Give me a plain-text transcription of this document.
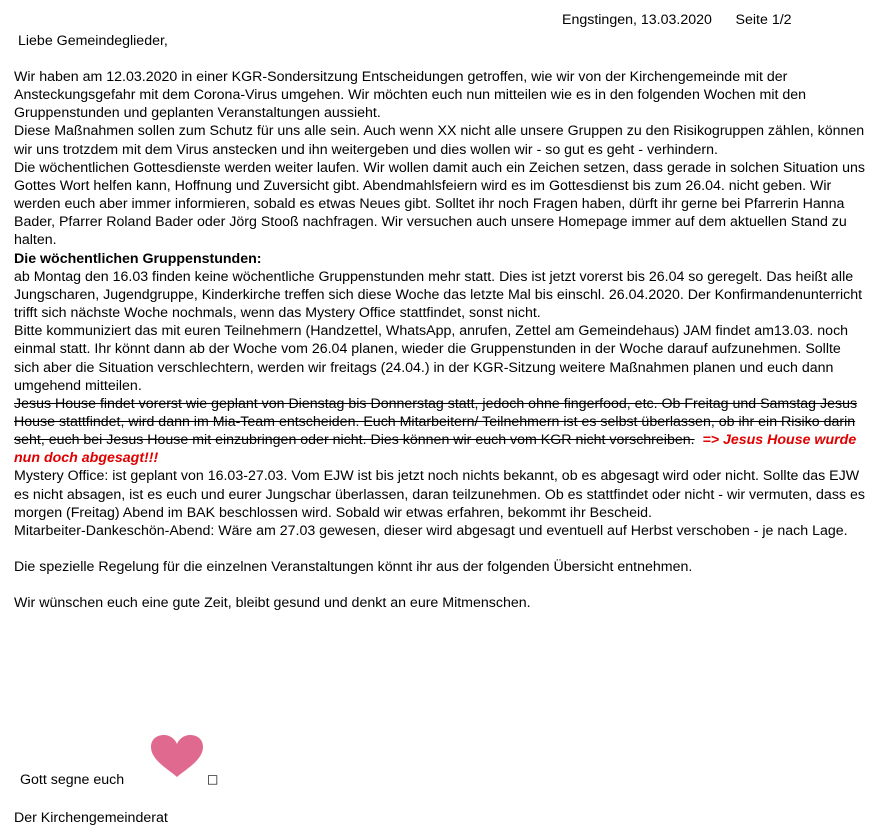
Engstingen, 13.03.2020 Seite 1/2
Liebe Gemeindeglieder,

Wir haben am 12.03.2020 in einer KGR-Sondersitzung Entscheidungen getroffen, wie wir von der Kirchengemeinde mit der Ansteckungsgefahr mit dem Corona-Virus umgehen. Wir möchten euch nun mitteilen wie es in den folgenden Wochen mit den Gruppenstunden und geplanten Veranstaltungen aussieht.

Diese Maßnahmen sollen zum Schutz für uns alle sein. Auch wenn XX nicht alle unsere Gruppen zu den Risikogruppen zählen, können wir uns trotzdem mit dem Virus anstecken und ihn weitergeben und dies wollen wir - so gut es geht - verhindern.

Die wöchentlichen Gottesdienste werden weiter laufen. Wir wollen damit auch ein Zeichen setzen, dass gerade in solchen Situation uns Gottes Wort helfen kann, Hoffnung und Zuversicht gibt. Abendmahlsfeiern wird es im Gottesdienst bis zum 26.04. nicht geben. Wir werden euch aber immer informieren, sobald es etwas Neues gibt. Solltet ihr noch Fragen haben, dürft ihr gerne bei Pfarrerin Hanna Bader, Pfarrer Roland Bader oder Jörg Stooß nachfragen. Wir versuchen auch unsere Homepage immer auf dem aktuellen Stand zu halten.

Die wöchentlichen Gruppenstunden:

ab Montag den 16.03 finden keine wöchentliche Gruppenstunden mehr statt. Dies ist jetzt vorerst bis 26.04 so geregelt. Das heißt alle Jungscharen, Jugendgruppe, Kinderkirche treffen sich diese Woche das letzte Mal bis einschl. 26.04.2020. Der Konfirmandenunterricht trifft sich nächste Woche nochmals, wenn das Mystery Office stattfindet, sonst nicht.

Bitte kommuniziert das mit euren Teilnehmern (Handzettel, WhatsApp, anrufen, Zettel am Gemeindehaus) JAM findet am13.03. noch einmal statt. Ihr könnt dann ab der Woche vom 26.04 planen, wieder die Gruppenstunden in der Woche darauf aufzunehmen. Sollte sich aber die Situation verschlechtern, werden wir freitags (24.04.) in der KGR-Sitzung weitere Maßnahmen planen und euch dann umgehend mitteilen.

Jesus House findet vorerst wie geplant von Dienstag bis Donnerstag statt, jedoch ohne fingerfood, etc. Ob Freitag und Samstag Jesus House stattfindet, wird dann im Mia-Team entscheiden. Euch Mitarbeitern/ Teilnehmern ist es selbst überlassen, ob ihr ein Risiko darin seht, euch bei Jesus House mit einzubringen oder nicht. Dies können wir euch vom KGR nicht vorschreiben. => Jesus House wurde nun doch abgesagt!!!

Mystery Office: ist geplant von 16.03-27.03. Vom EJW ist bis jetzt noch nichts bekannt, ob es abgesagt wird oder nicht. Sollte das EJW es nicht absagen, ist es euch und eurer Jungschar überlassen, daran teilzunehmen. Ob es stattfindet oder nicht - wir vermuten, dass es morgen (Freitag) Abend im BAK beschlossen wird. Sobald wir etwas erfahren, bekommt ihr Bescheid.

Mitarbeiter-Dankeschön-Abend: Wäre am 27.03 gewesen, dieser wird abgesagt und eventuell auf Herbst verschoben - je nach Lage.

Die spezielle Regelung für die einzelnen Veranstaltungen könnt ihr aus der folgenden Übersicht entnehmen.

Wir wünschen euch eine gute Zeit, bleibt gesund und denkt an eure Mitmenschen.

Gott segne euch	□
Der Kirchengemeinderat
